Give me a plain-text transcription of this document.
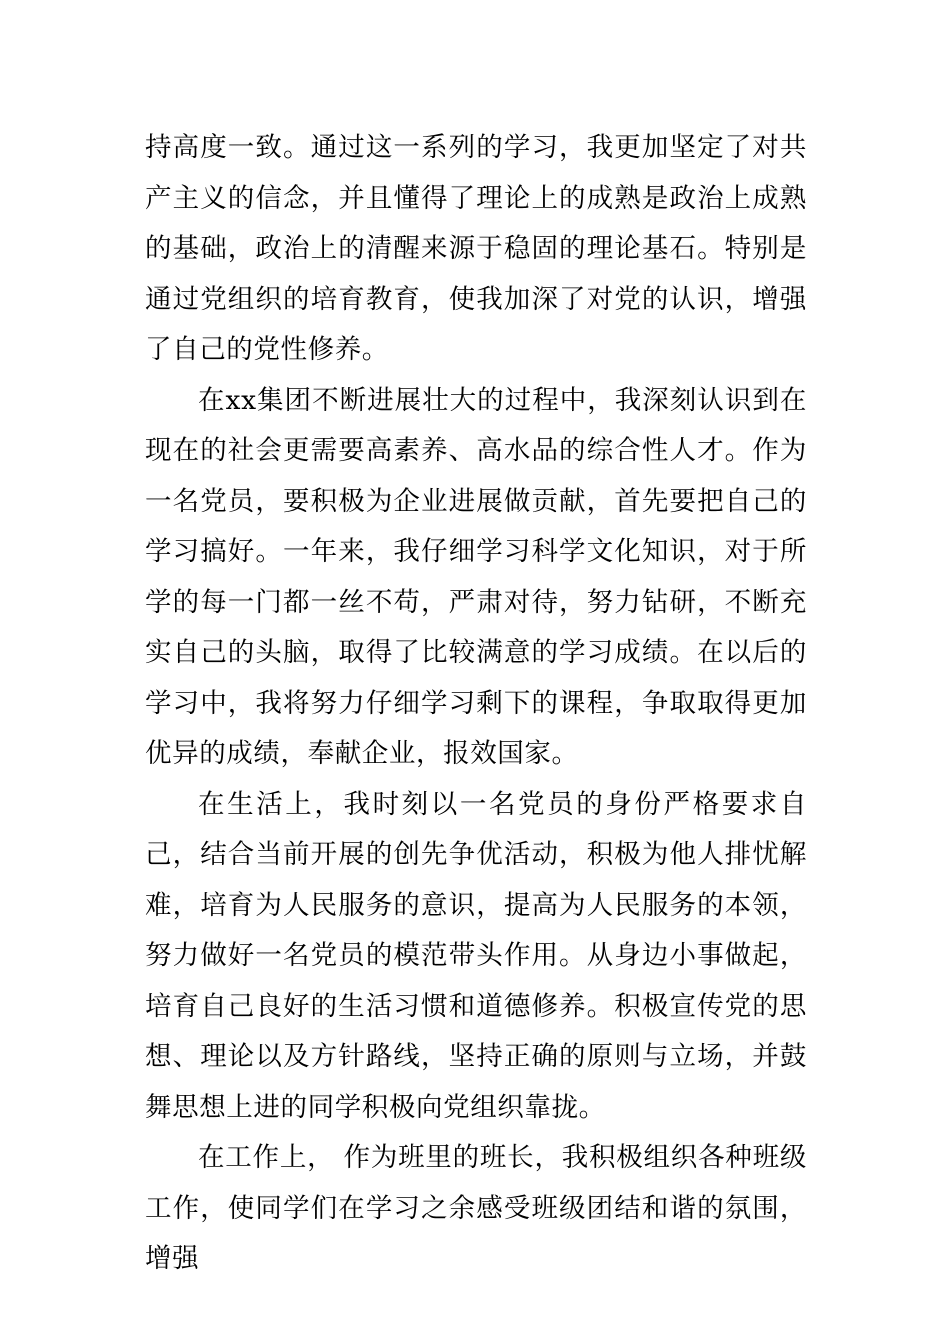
持高度一致。通过这一系列的学习，我更加坚定了对共产主义的信念，并且懂得了理论上的成熟是政治上成熟的基础，政治上的清醒来源于稳固的理论基石。特别是通过党组织的培育教育，使我加深了对党的认识，增强了自己的党性修养。

在xx集团不断进展壮大的过程中，我深刻认识到在现在的社会更需要高素养、高水品的综合性人才。作为一名党员，要积极为企业进展做贡献，首先要把自己的学习搞好。一年来，我仔细学习科学文化知识，对于所学的每一门都一丝不苟，严肃对待，努力钻研，不断充实自己的头脑，取得了比较满意的学习成绩。在以后的学习中，我将努力仔细学习剩下的课程，争取取得更加优异的成绩，奉献企业，报效国家。

在生活上，我时刻以一名党员的身份严格要求自己，结合当前开展的创先争优活动，积极为他人排忧解难，培育为人民服务的意识，提高为人民服务的本领，努力做好一名党员的模范带头作用。从身边小事做起，培育自己良好的生活习惯和道德修养。积极宣传党的思想、理论以及方针路线，坚持正确的原则与立场，并鼓舞思想上进的同学积极向党组织靠拢。

在工作上， 作为班里的班长，我积极组织各种班级工作，使同学们在学习之余感受班级团结和谐的氛围，增强
